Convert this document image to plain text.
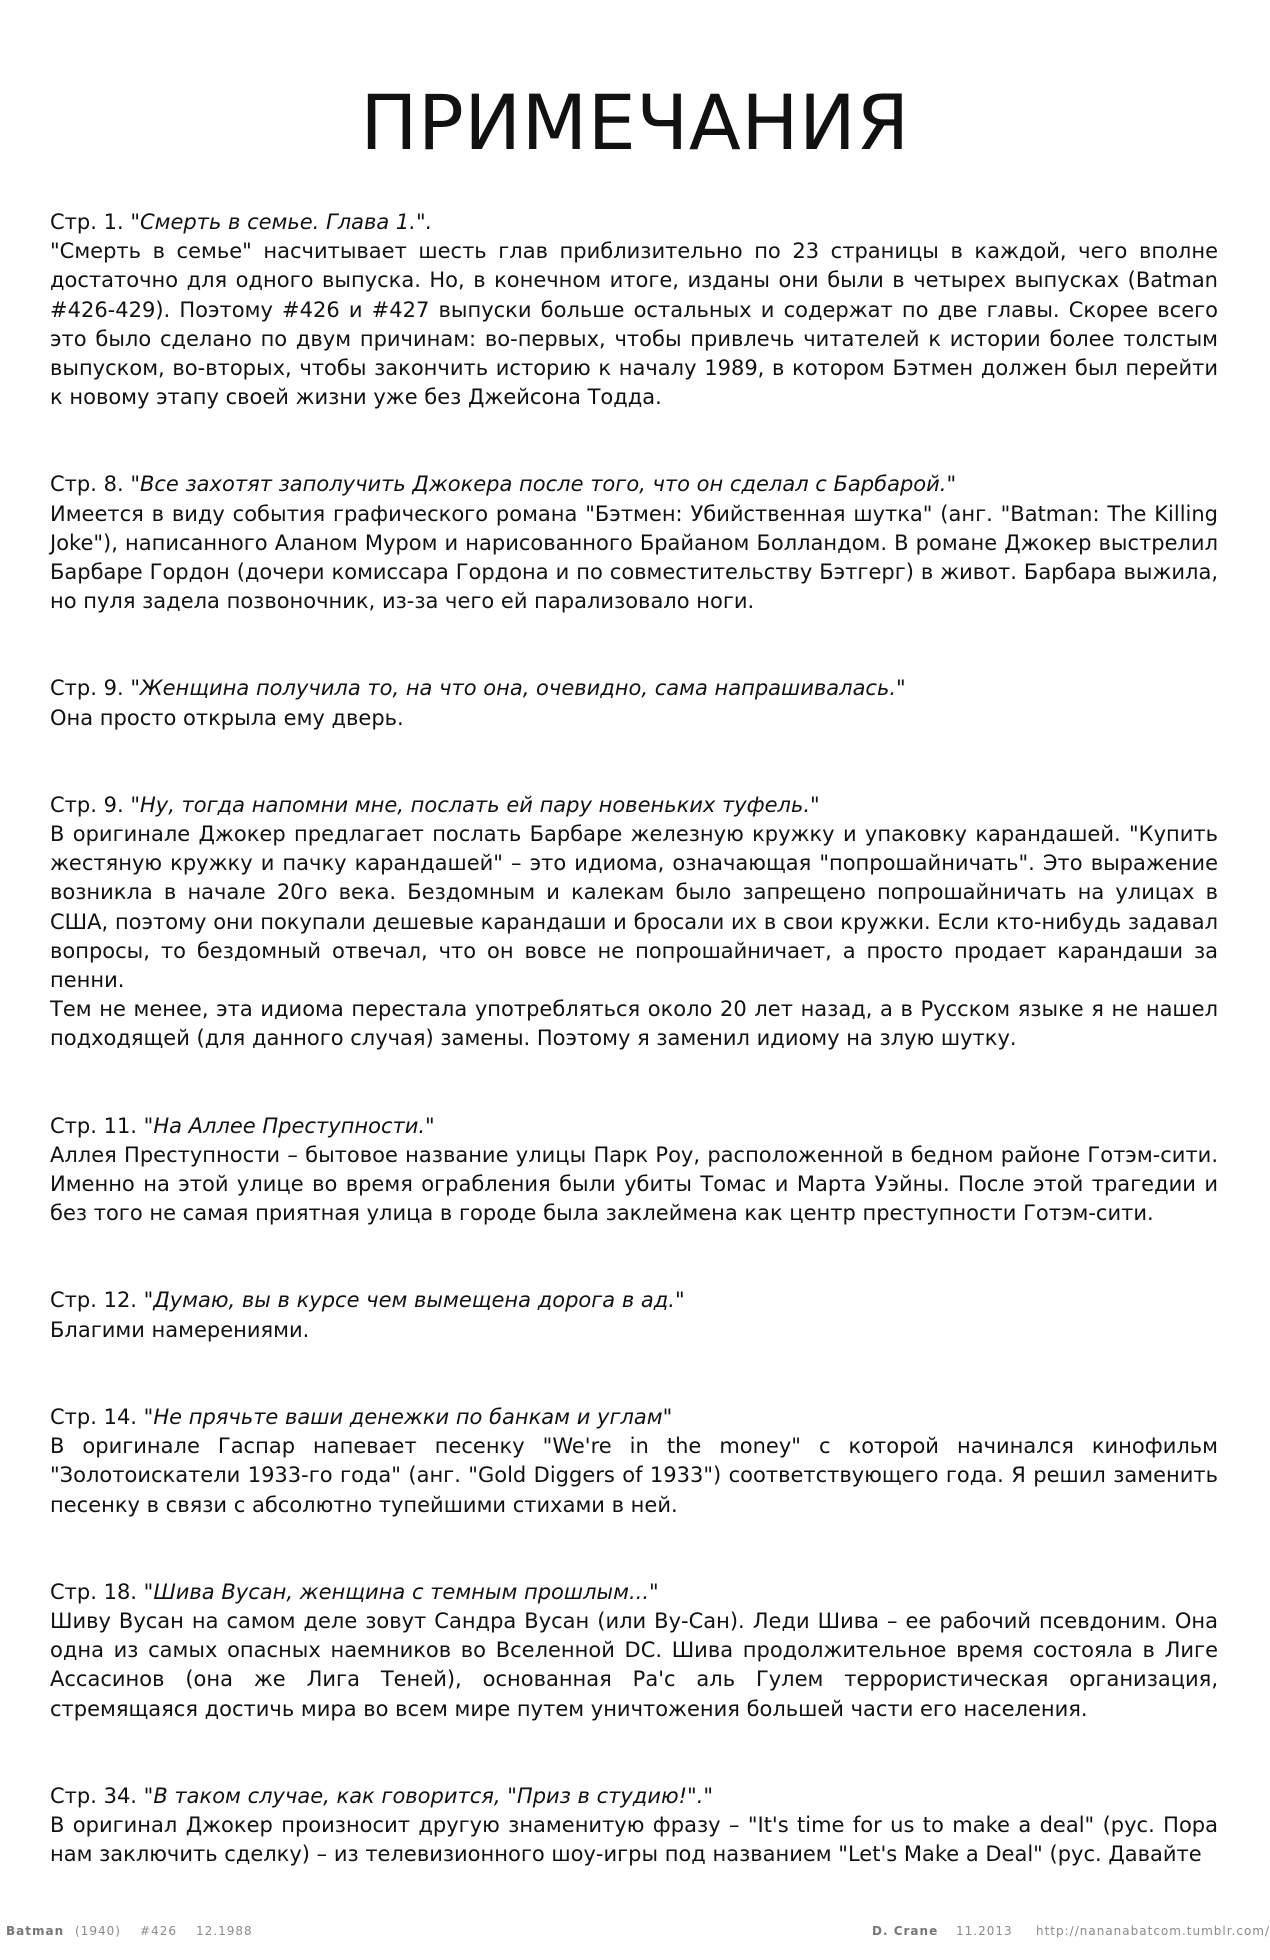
ПРИМЕЧАНИЯ

Стр. 1. "Смерть в семье. Глава 1.".

"Смерть в семье" насчитывает шесть глав приблизительно по 23 страницы в каждой, чего вполне достаточно для одного выпуска. Но, в конечном итоге, изданы они были в четырех выпусках (Batman #426-429). Поэтому #426 и #427 выпуски больше остальных и содержат по две главы. Скорее всего это было сделано по двум причинам: во-первых, чтобы привлечь читателей к истории более толстым выпуском, во-вторых, чтобы закончить историю к началу 1989, в котором Бэтмен должен был перейти к новому этапу своей жизни уже без Джейсона Тодда.

Стр. 8. "Все захотят заполучить Джокера после того, что он сделал с Барбарой."

Имеется в виду события графического романа "Бэтмен: Убийственная шутка" (анг. "Batman: The Killing Joke"), написанного Аланом Муром и нарисованного Брайаном Болландом. В романе Джокер выстрелил Барбаре Гордон (дочери комиссара Гордона и по совместительству Бэтгерг) в живот. Барбара выжила, но пуля задела позвоночник, из-за чего ей парализовало ноги.

Стр. 9. "Женщина получила то, на что она, очевидно, сама напрашивалась."

Она просто открыла ему дверь.

Стр. 9. "Ну, тогда напомни мне, послать ей пару новеньких туфель."

В оригинале Джокер предлагает послать Барбаре железную кружку и упаковку карандашей. "Купить жестяную кружку и пачку карандашей" – это идиома, означающая "попрошайничать". Это выражение возникла в начале 20го века. Бездомным и калекам было запрещено попрошайничать на улицах в США, поэтому они покупали дешевые карандаши и бросали их в свои кружки. Если кто-нибудь задавал вопросы, то бездомный отвечал, что он вовсе не попрошайничает, а просто продает карандаши за пенни.

Тем не менее, эта идиома перестала употребляться около 20 лет назад, а в Русском языке я не нашел подходящей (для данного случая) замены. Поэтому я заменил идиому на злую шутку.

Стр. 11. "На Аллее Преступности."

Аллея Преступности – бытовое название улицы Парк Роу, расположенной в бедном районе Готэм-сити. Именно на этой улице во время ограбления были убиты Томас и Марта Уэйны. После этой трагедии и без того не самая приятная улица в городе была заклеймена как центр преступности Готэм-сити.

Стр. 12. "Думаю, вы в курсе чем вымещена дорога в ад."

Благими намерениями.

Стр. 14. "Не прячьте ваши денежки по банкам и углам"

В оригинале Гаспар напевает песенку "We're in the money" с которой начинался кинофильм "Золотоискатели 1933-го года" (анг. "Gold Diggers of 1933") соответствующего года. Я решил заменить песенку в связи с абсолютно тупейшими стихами в ней.

Стр. 18. "Шива Вусан, женщина с темным прошлым..."

Шиву Вусан на самом деле зовут Сандра Вусан (или Ву-Сан). Леди Шива – ее рабочий псевдоним. Она одна из самых опасных наемников во Вселенной DC. Шива продолжительное время состояла в Лиге Ассасинов (она же Лига Теней), основанная Ра'с аль Гулем террористическая организация, стремящаяся достичь мира во всем мире путем уничтожения большей части его населения.

Стр. 34. "В таком случае, как говорится, "Приз в студию!"."

В оригинал Джокер произносит другую знаменитую фразу – "It's time for us to make a deal" (рус. Пора нам заключить сделку) – из телевизионного шоу-игры под названием "Let's Make a Deal" (рус. Давайте

Batman (1940) #426 12.1988	D. Crane 11.2013 http://nananabatcom.tumblr.com/
